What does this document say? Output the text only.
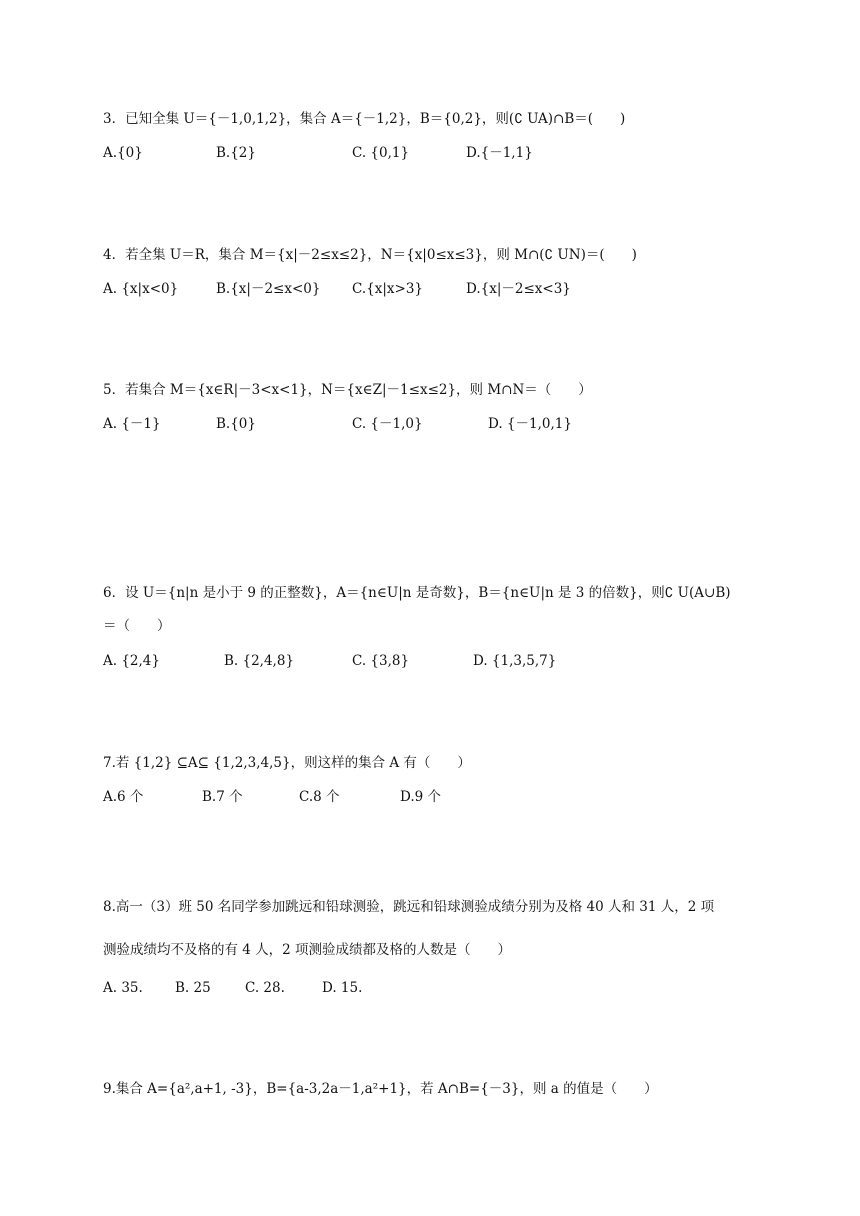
3．已知全集 U＝{－1,0,1,2}，集合 A＝{－1,2}，B＝{0,2}，则(∁ UA)∩B＝(　　)
A.{0}	B.{2}	C. {0,1}	D.{－1,1}
4．若全集 U＝R，集合 M＝{x|－2≤x≤2}，N＝{x|0≤x≤3}，则 M∩(∁ UN)＝(　　)
A. {x|x<0}	B.{x|－2≤x<0} C.{x|x>3}	D.{x|－2≤x<3}
5．若集合 M＝{x∈R|－3<x<1}，N＝{x∈Z|－1≤x≤2}，则 M∩N＝（　　）
A. {－1}	B.{0}	C. {－1,0}	D. {－1,0,1}
6．设 U＝{n|n 是小于 9 的正整数}，A＝{n∈U|n 是奇数}，B＝{n∈U|n 是 3 的倍数}，则∁ U(A∪B)
＝（　　）
A. {2,4}	B. {2,4,8}	C. {3,8}	D. {1,3,5,7}
7.若 {1,2} ⊆A⊆ {1,2,3,4,5}，则这样的集合 A 有（　　）
A.6 个	B.7 个	C.8 个	D.9 个
8.高一（3）班 50 名同学参加跳远和铅球测验，跳远和铅球测验成绩分别为及格 40 人和 31 人，2 项
测验成绩均不及格的有 4 人，2 项测验成绩都及格的人数是（　　）
A. 35. B. 25	C. 28.	D. 15.
9.集合 A={a²,a+1, -3}，B={a-3,2a－1,a²+1}，若 A∩B={－3}，则 a 的值是（　　）
